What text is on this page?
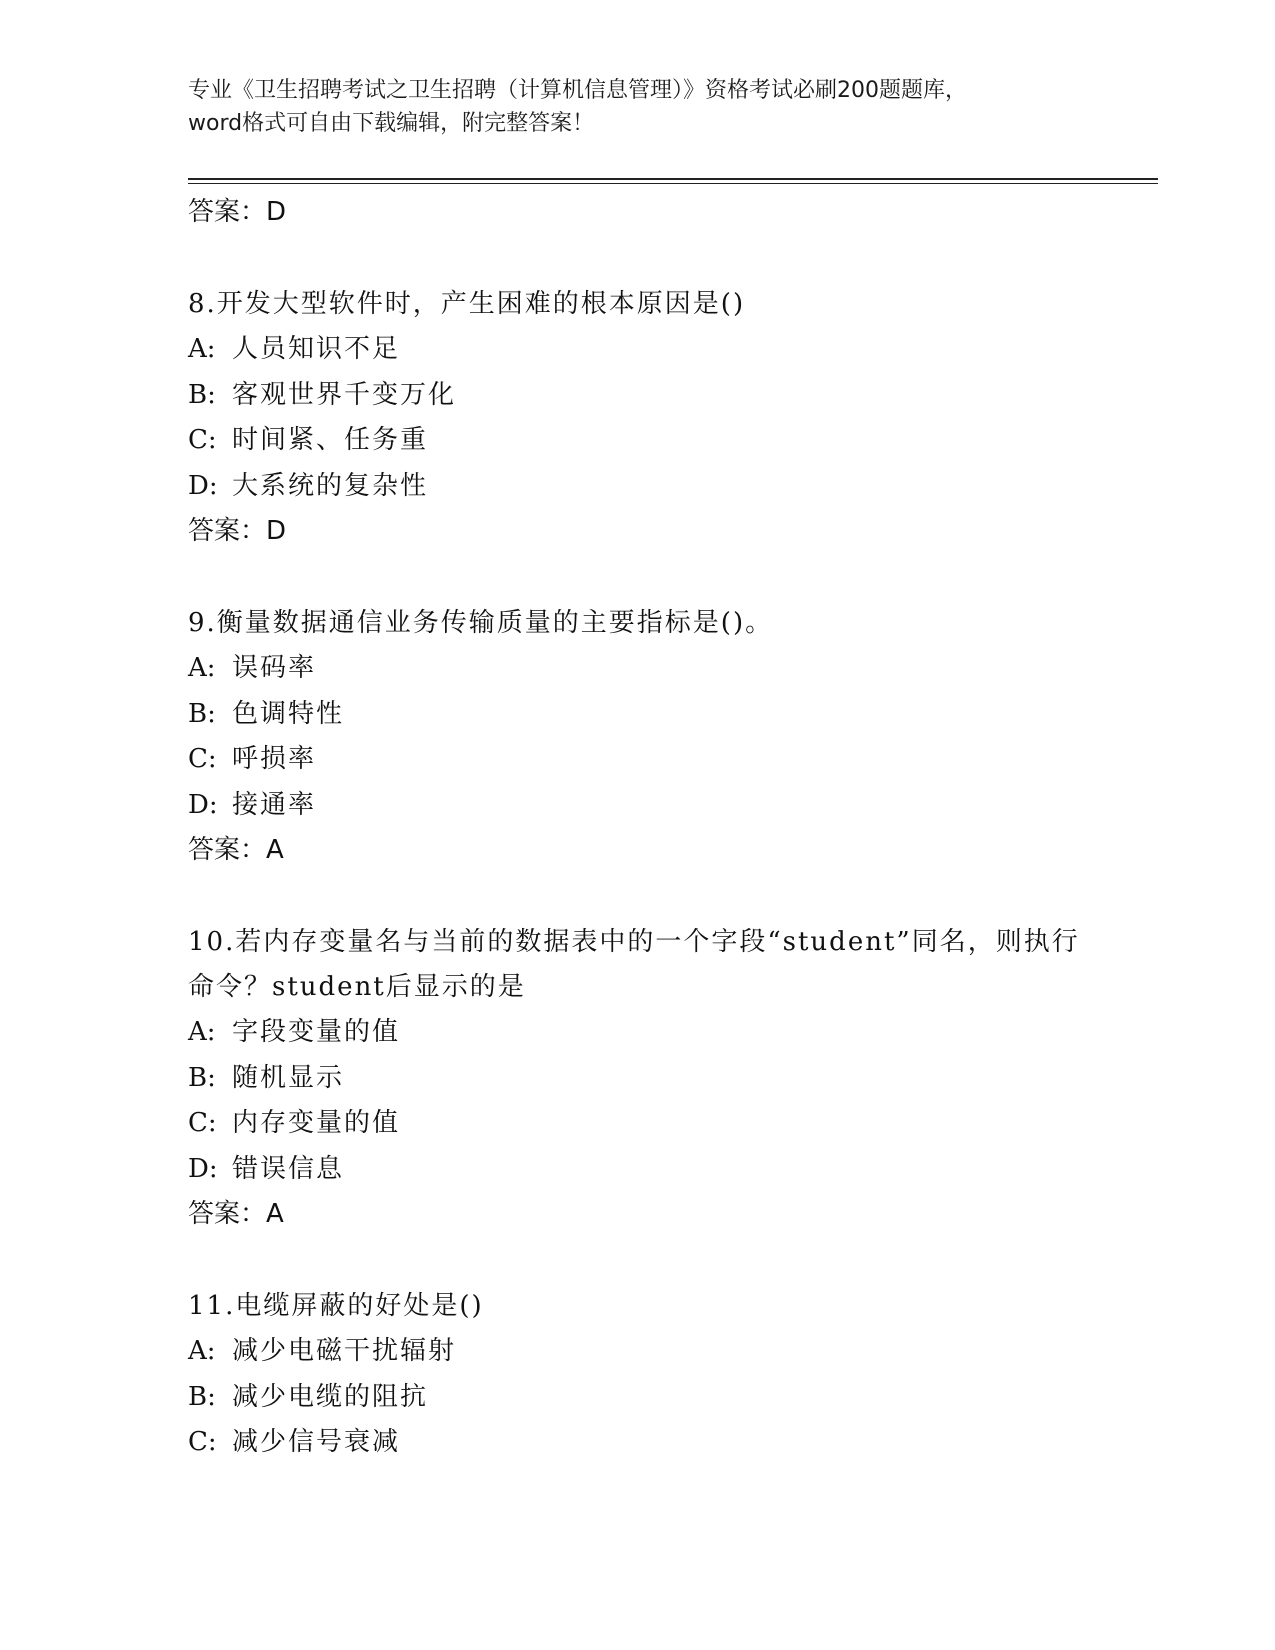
专业《卫生招聘考试之卫生招聘（计算机信息管理）》资格考试必刷200题题库，
word格式可自由下载编辑，附完整答案！
答案：D
8.开发大型软件时，产生困难的根本原因是()
A: 人员知识不足
B: 客观世界千变万化
C: 时间紧、任务重
D: 大系统的复杂性
答案：D
9.衡量数据通信业务传输质量的主要指标是()。
A: 误码率
B: 色调特性
C: 呼损率
D: 接通率
答案：A
10.若内存变量名与当前的数据表中的一个字段“student”同名，则执行命令？student后显示的是
A: 字段变量的值
B: 随机显示
C: 内存变量的值
D: 错误信息
答案：A
11.电缆屏蔽的好处是()
A: 减少电磁干扰辐射
B: 减少电缆的阻抗
C: 减少信号衰减
